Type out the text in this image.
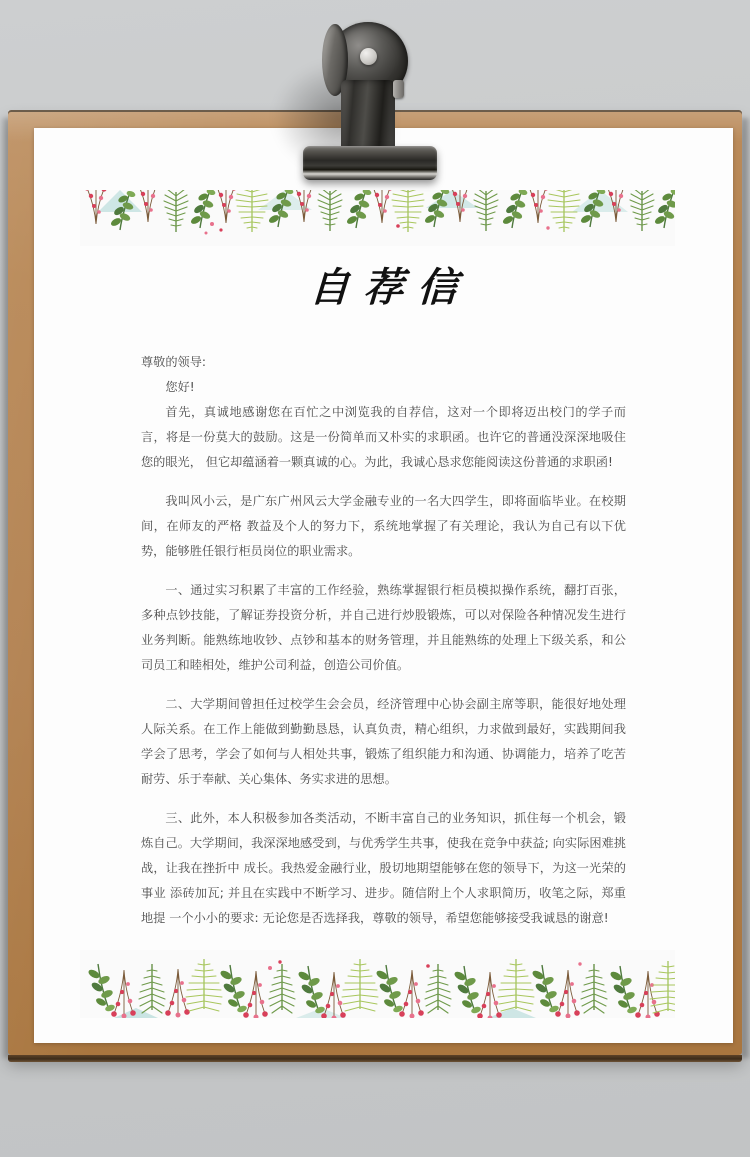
自荐信

尊敬的领导:

您好!

首先，真诚地感谢您在百忙之中浏览我的自荐信，这对一个即将迈出校门的学子而言，将是一份莫大的鼓励。这是一份简单而又朴实的求职函。也许它的普通没深深地吸住您的眼光， 但它却蕴涵着一颗真诚的心。为此，我诚心恳求您能阅读这份普通的求职函!

我叫风小云，是广东广州风云大学金融专业的一名大四学生，即将面临毕业。在校期间，在师友的严格 教益及个人的努力下，系统地掌握了有关理论，我认为自己有以下优势，能够胜任银行柜员岗位的职业需求。

一、通过实习积累了丰富的工作经验，熟练掌握银行柜员模拟操作系统，翻打百张，多种点钞技能，了解证券投资分析，并自己进行炒股锻炼，可以对保险各种情况发生进行业务判断。能熟练地收钞、点钞和基本的财务管理，并且能熟练的处理上下级关系，和公司员工和睦相处，维护公司利益，创造公司价值。

二、大学期间曾担任过校学生会会员，经济管理中心协会副主席等职，能很好地处理人际关系。在工作上能做到勤勤恳恳，认真负责，精心组织，力求做到最好，实践期间我学会了思考，学会了如何与人相处共事，锻炼了组织能力和沟通、协调能力，培养了吃苦耐劳、乐于奉献、关心集体、务实求进的思想。

三、此外，本人积极参加各类活动，不断丰富自己的业务知识，抓住每一个机会，锻炼自己。大学期间，我深深地感受到，与优秀学生共事，使我在竞争中获益; 向实际困难挑战，让我在挫折中 成长。我热爱金融行业，殷切地期望能够在您的领导下，为这一光荣的事业 添砖加瓦; 并且在实践中不断学习、进步。随信附上个人求职简历，收笔之际，郑重地提 一个小小的要求: 无论您是否选择我，尊敬的领导，希望您能够接受我诚恳的谢意!
